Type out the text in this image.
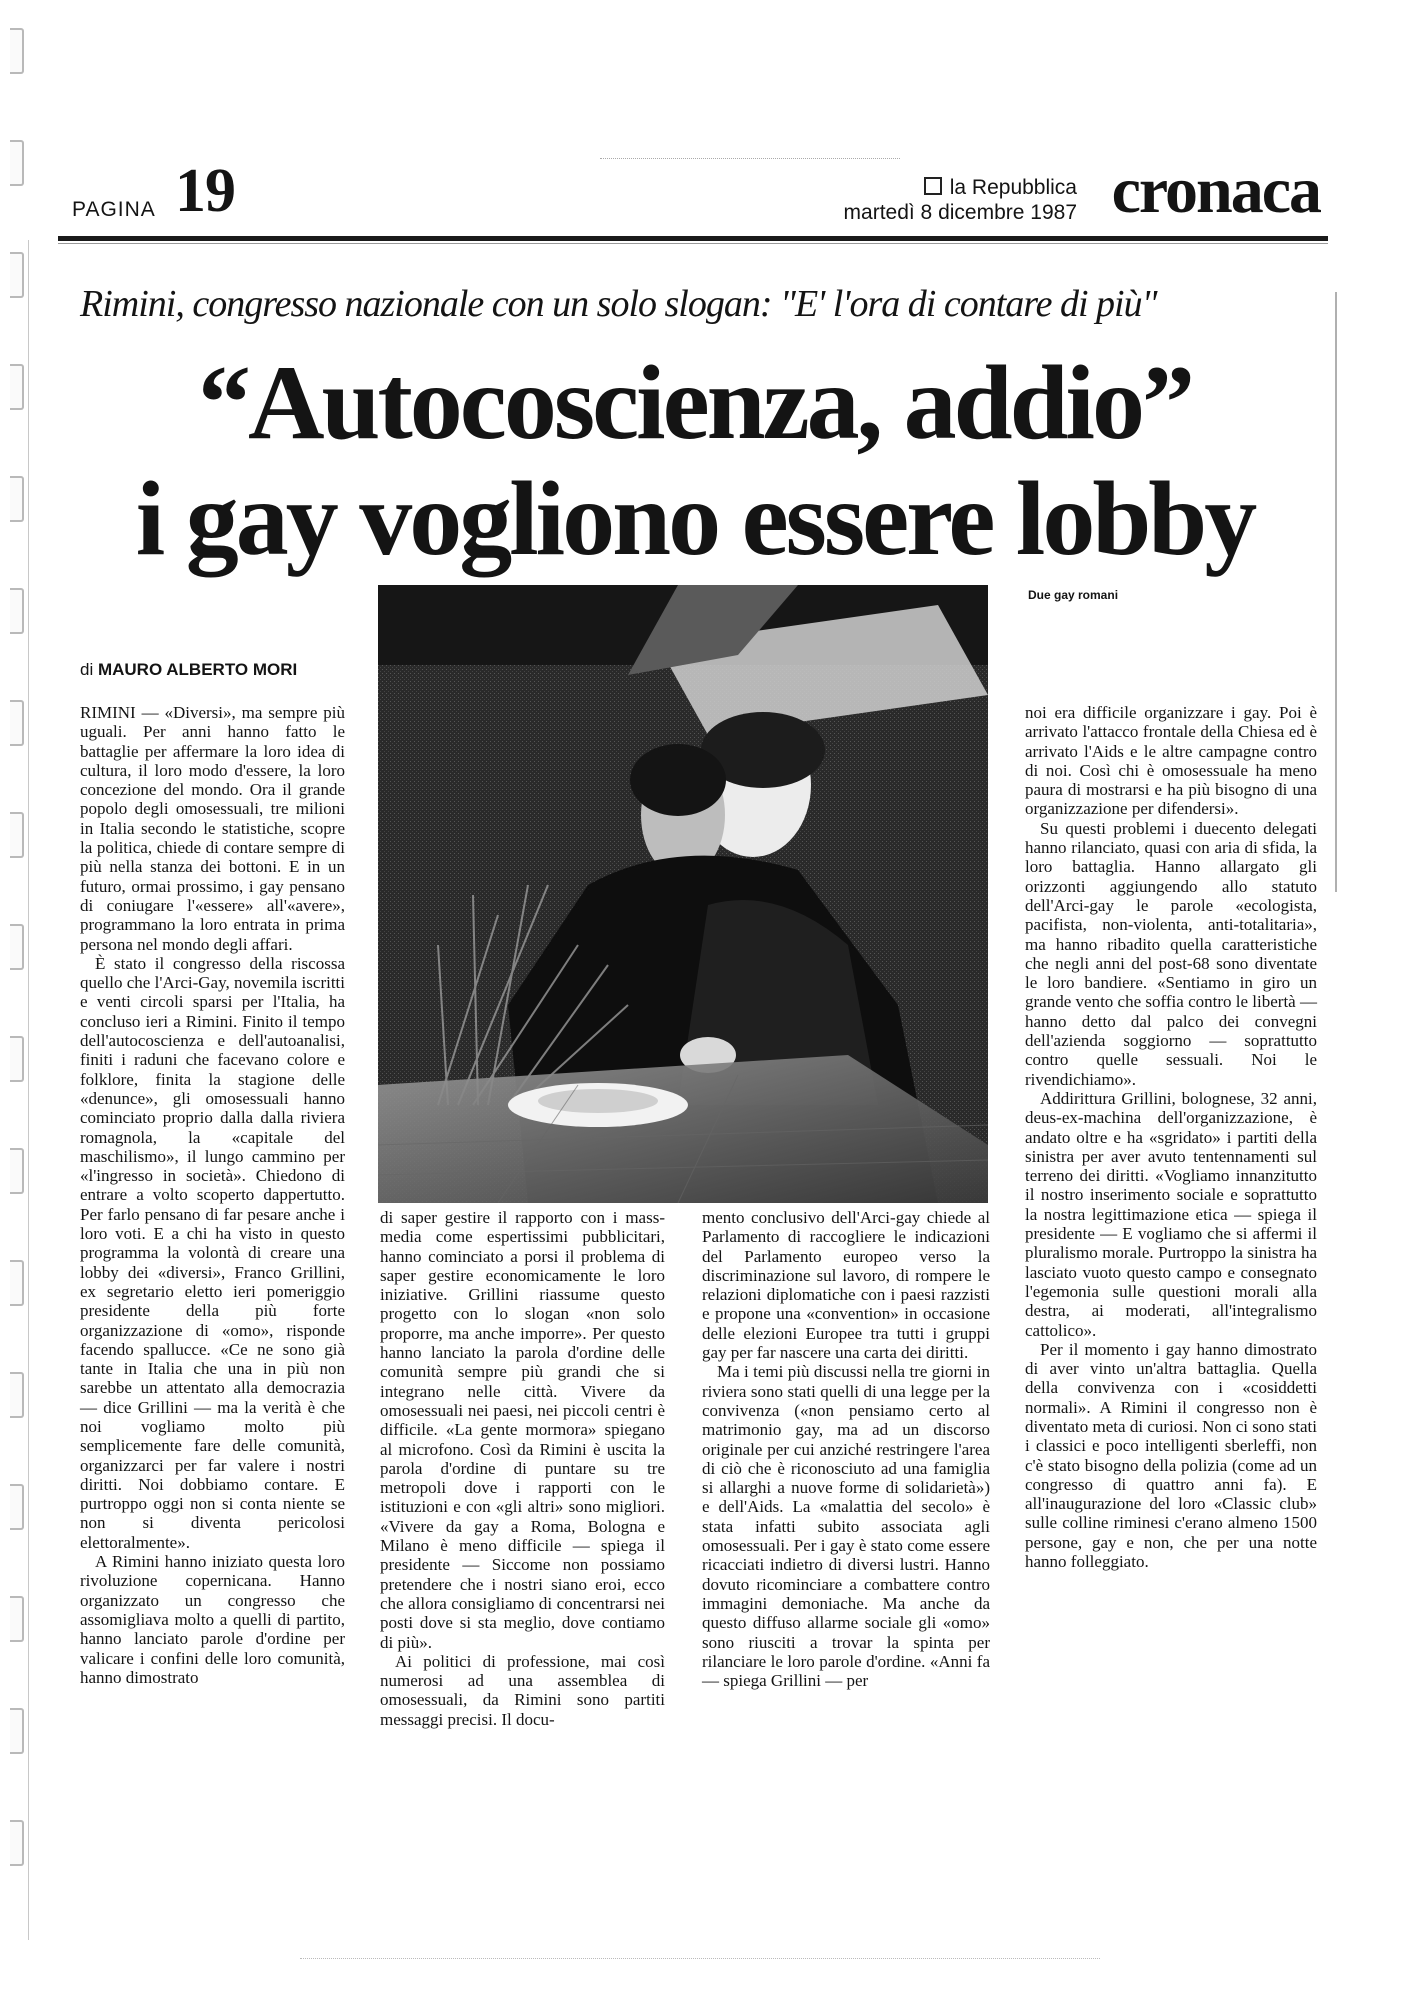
PAGINA 19	la Repubblica
martedì 8 dicembre 1987 cronaca
Rimini, congresso nazionale con un solo slogan: "E' l'ora di contare di più"
“Autocoscienza, addio”
i gay vogliono essere lobby
Due gay romani
di MAURO ALBERTO MORI

RIMINI — «Diversi», ma sempre più uguali. Per anni hanno fatto le battaglie per affermare la loro idea di cultura, il loro modo d'essere, la loro concezione del mondo. Ora il grande popolo degli omosessuali, tre milioni in Italia secondo le statistiche, scopre la politica, chiede di contare sempre di più nella stanza dei bottoni. E in un futuro, ormai prossimo, i gay pensano di coniugare l'«essere» all'«avere», programmano la loro entrata in prima persona nel mondo degli affari.

È stato il congresso della riscossa quello che l'Arci-Gay, novemila iscritti e venti circoli sparsi per l'Italia, ha concluso ieri a Rimini. Finito il tempo dell'autocoscienza e dell'autoanalisi, finiti i raduni che facevano colore e folklore, finita la stagione delle «denunce», gli omosessuali hanno cominciato proprio dalla dalla riviera romagnola, la «capitale del maschilismo», il lungo cammino per «l'ingresso in società». Chiedono di entrare a volto scoperto dappertutto. Per farlo pensano di far pesare anche i loro voti. E a chi ha visto in questo programma la volontà di creare una lobby dei «diversi», Franco Grillini, ex segretario eletto ieri pomeriggio presidente della più forte organizzazione di «omo», risponde facendo spallucce. «Ce ne sono già tante in Italia che una in più non sarebbe un attentato alla democrazia — dice Grillini — ma la verità è che noi vogliamo molto più semplicemente fare delle comunità, organizzarci per far valere i nostri diritti. Noi dobbiamo contare. E purtroppo oggi non si conta niente se non si diventa pericolosi elettoralmente».

A Rimini hanno iniziato questa loro rivoluzione copernicana. Hanno organizzato un congresso che assomigliava molto a quelli di partito, hanno lanciato parole d'ordine per valicare i confini delle loro comunità, hanno dimostrato

di saper gestire il rapporto con i mass-media come espertissimi pubblicitari, hanno cominciato a porsi il problema di saper gestire economicamente le loro iniziative. Grillini riassume questo progetto con lo slogan «non solo proporre, ma anche imporre». Per questo hanno lanciato la parola d'ordine delle comunità sempre più grandi che si integrano nelle città. Vivere da omosessuali nei paesi, nei piccoli centri è difficile. «La gente mormora» spiegano al microfono. Così da Rimini è uscita la parola d'ordine di puntare su tre metropoli dove i rapporti con le istituzioni e con «gli altri» sono migliori. «Vivere da gay a Roma, Bologna e Milano è meno difficile — spiega il presidente — Siccome non possiamo pretendere che i nostri siano eroi, ecco che allora consigliamo di concentrarsi nei posti dove si sta meglio, dove contiamo di più».

Ai politici di professione, mai così numerosi ad una assemblea di omosessuali, da Rimini sono partiti messaggi precisi. Il docu-

mento conclusivo dell'Arci-gay chiede al Parlamento di raccogliere le indicazioni del Parlamento europeo verso la discriminazione sul lavoro, di rompere le relazioni diplomatiche con i paesi razzisti e propone una «convention» in occasione delle elezioni Europee tra tutti i gruppi gay per far nascere una carta dei diritti.

Ma i temi più discussi nella tre giorni in riviera sono stati quelli di una legge per la convivenza («non pensiamo certo al matrimonio gay, ma ad un discorso originale per cui anziché restringere l'area di ciò che è riconosciuto ad una famiglia si allarghi a nuove forme di solidarietà») e dell'Aids. La «malattia del secolo» è stata infatti subito associata agli omosessuali. Per i gay è stato come essere ricacciati indietro di diversi lustri. Hanno dovuto ricominciare a combattere contro immagini demoniache. Ma anche da questo diffuso allarme sociale gli «omo» sono riusciti a trovar la spinta per rilanciare le loro parole d'ordine. «Anni fa — spiega Grillini — per

noi era difficile organizzare i gay. Poi è arrivato l'attacco frontale della Chiesa ed è arrivato l'Aids e le altre campagne contro di noi. Così chi è omosessuale ha meno paura di mostrarsi e ha più bisogno di una organizzazione per difendersi».

Su questi problemi i duecento delegati hanno rilanciato, quasi con aria di sfida, la loro battaglia. Hanno allargato gli orizzonti aggiungendo allo statuto dell'Arci-gay le parole «ecologista, pacifista, non-violenta, anti-totalitaria», ma hanno ribadito quella caratteristiche che negli anni del post-68 sono diventate le loro bandiere. «Sentiamo in giro un grande vento che soffia contro le libertà — hanno detto dal palco dei convegni dell'azienda soggiorno — soprattutto contro quelle sessuali. Noi le rivendichiamo».

Addirittura Grillini, bolognese, 32 anni, deus-ex-machina dell'organizzazione, è andato oltre e ha «sgridato» i partiti della sinistra per aver avuto tentennamenti sul terreno dei diritti. «Vogliamo innanzitutto il nostro inserimento sociale e soprattutto la nostra legittimazione etica — spiega il presidente — E vogliamo che si affermi il pluralismo morale. Purtroppo la sinistra ha lasciato vuoto questo campo e consegnato l'egemonia sulle questioni morali alla destra, ai moderati, all'integralismo cattolico».

Per il momento i gay hanno dimostrato di aver vinto un'altra battaglia. Quella della convivenza con i «cosiddetti normali». A Rimini il congresso non è diventato meta di curiosi. Non ci sono stati i classici e poco intelligenti sberleffi, non c'è stato bisogno della polizia (come ad un congresso di quattro anni fa). E all'inaugurazione del loro «Classic club» sulle colline riminesi c'erano almeno 1500 persone, gay e non, che per una notte hanno folleggiato.
